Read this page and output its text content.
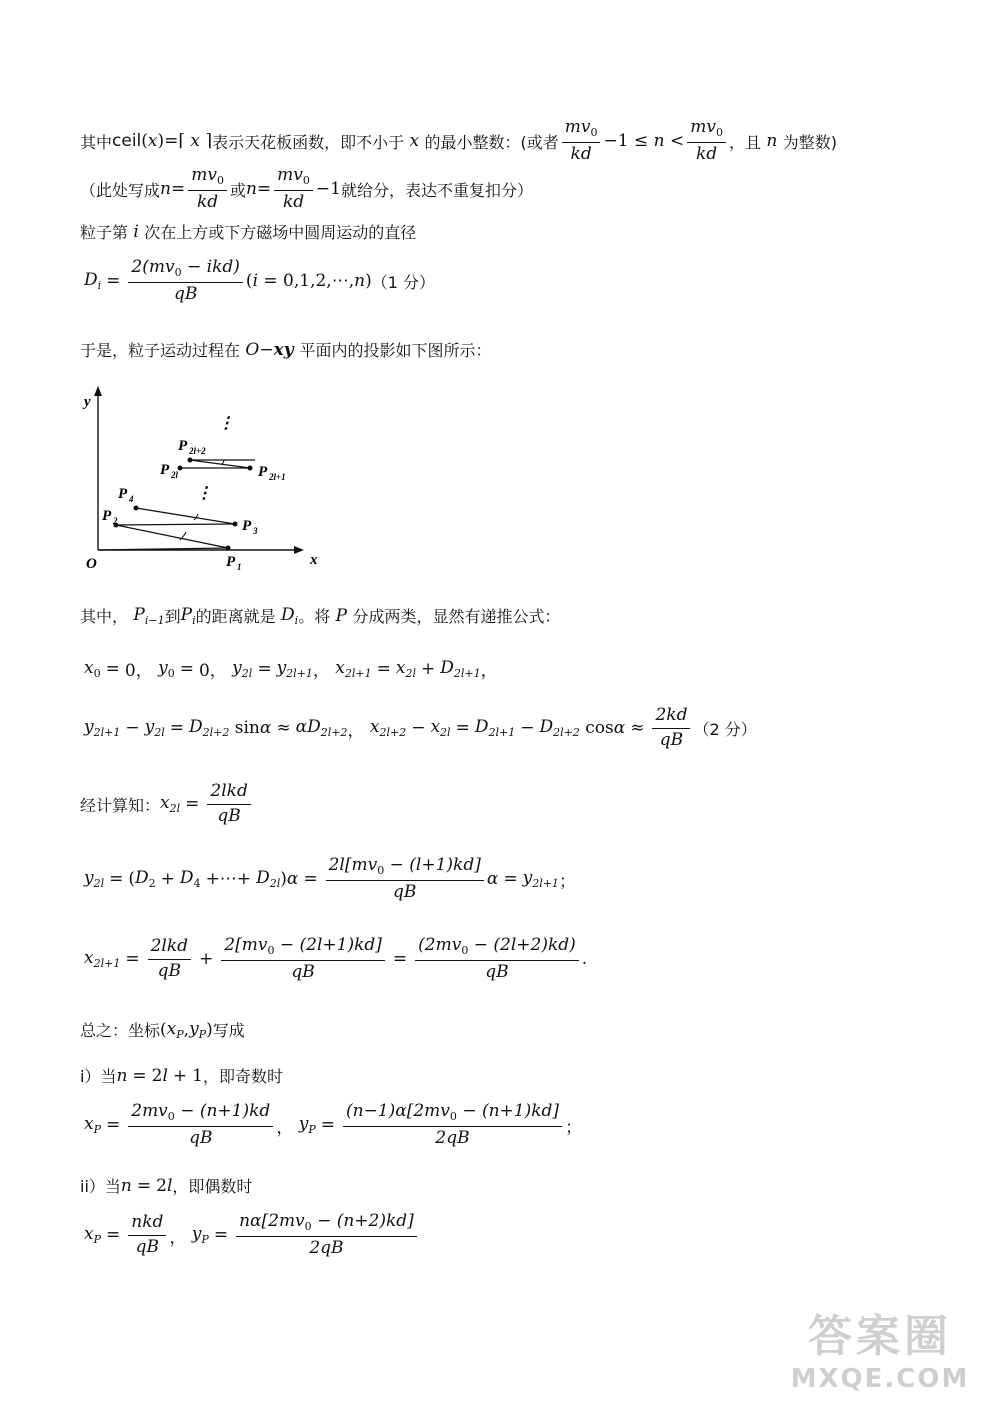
其中 ceil (x)=⌈ x ⌉ 表示天花板函数，即不小于 x 的最小整数：(或者 $\frac{mv_0}{kd} -1 \le n < \frac{mv_0}{kd}$ ，且 n 为整数)
（此处写成 $n = \frac{mv_0}{kd}$ 或 $n = \frac{mv_0}{kd} -1$ 就给分，表达不重复扣分）
粒子第 i 次在上方或下方磁场中圆周运动的直径
$D_i = \frac{2(mv_0 - ikd)}{qB} (i$ = 0,1,2,⋯,n) （1 分）
于是，粒子运动过程在 O − xy 平面内的投影如下图所示：
y
x
O
⋮
⋮
P 1
P 2	P 3
P 4
P 2l	P 2l+1
P 2l+2
其中， $P_{i-1}$ 到 $P_i$ 的距离就是 $D_i$ 。将 P 分成两类，显然有递推公式：
$x_0 = 0$， $y_0 = 0$， $y_{2l} = y_{2l+1}$ ， $x_{2l+1} = x_{2l} + D_{2l+1}$ ，
$y_{2l+1} - y_{2l} = D_{2l+2}$ $\sin \alpha \approx \alpha D_{2l+2}$ ， $x_{2l+2} - x_{2l} = D_{2l+1} - D_{2l+2}$ $\cos \alpha \approx \frac{2kd}{qB} (2$ 分）
经计算知： $x_{2l} = \frac{\text{2lkd}}{qB}$
$y_{2l}$ = ( $D_2 + D_4$ +⋯+ $D_{2l}$ ) $\alpha = \frac{2l[mv_0 - (l+1)kd]}{qB}$ $\alpha = y_{2l+1}$ ；
$x_{2l+1} = \frac{\text{2lkd}}{qB} + \frac{2[mv_0 - (2l+1)kd]}{qB} = \frac{(2mv_0 - (2l+2)kd)}{qB}$ .
总之：坐标 ( $x_P$ , $y_P$ ) 写成
i）当 n = 2 l + 1 ，即奇数时
$x_P = \frac{2mv_0 - (n+1)kd}{qB}$ ， $y_P = \frac{(n-1)\alpha[2mv_0 - (n+1)kd]}{2qB}$ ；
ii）当 n = 2 l ，即偶数时
$x_P = \frac{\text{nkd}}{qB}$ ， $y_P = \frac{n\alpha[2mv_0 - (n+2)kd]}{2qB}$
答案圈
MXQE.COM
